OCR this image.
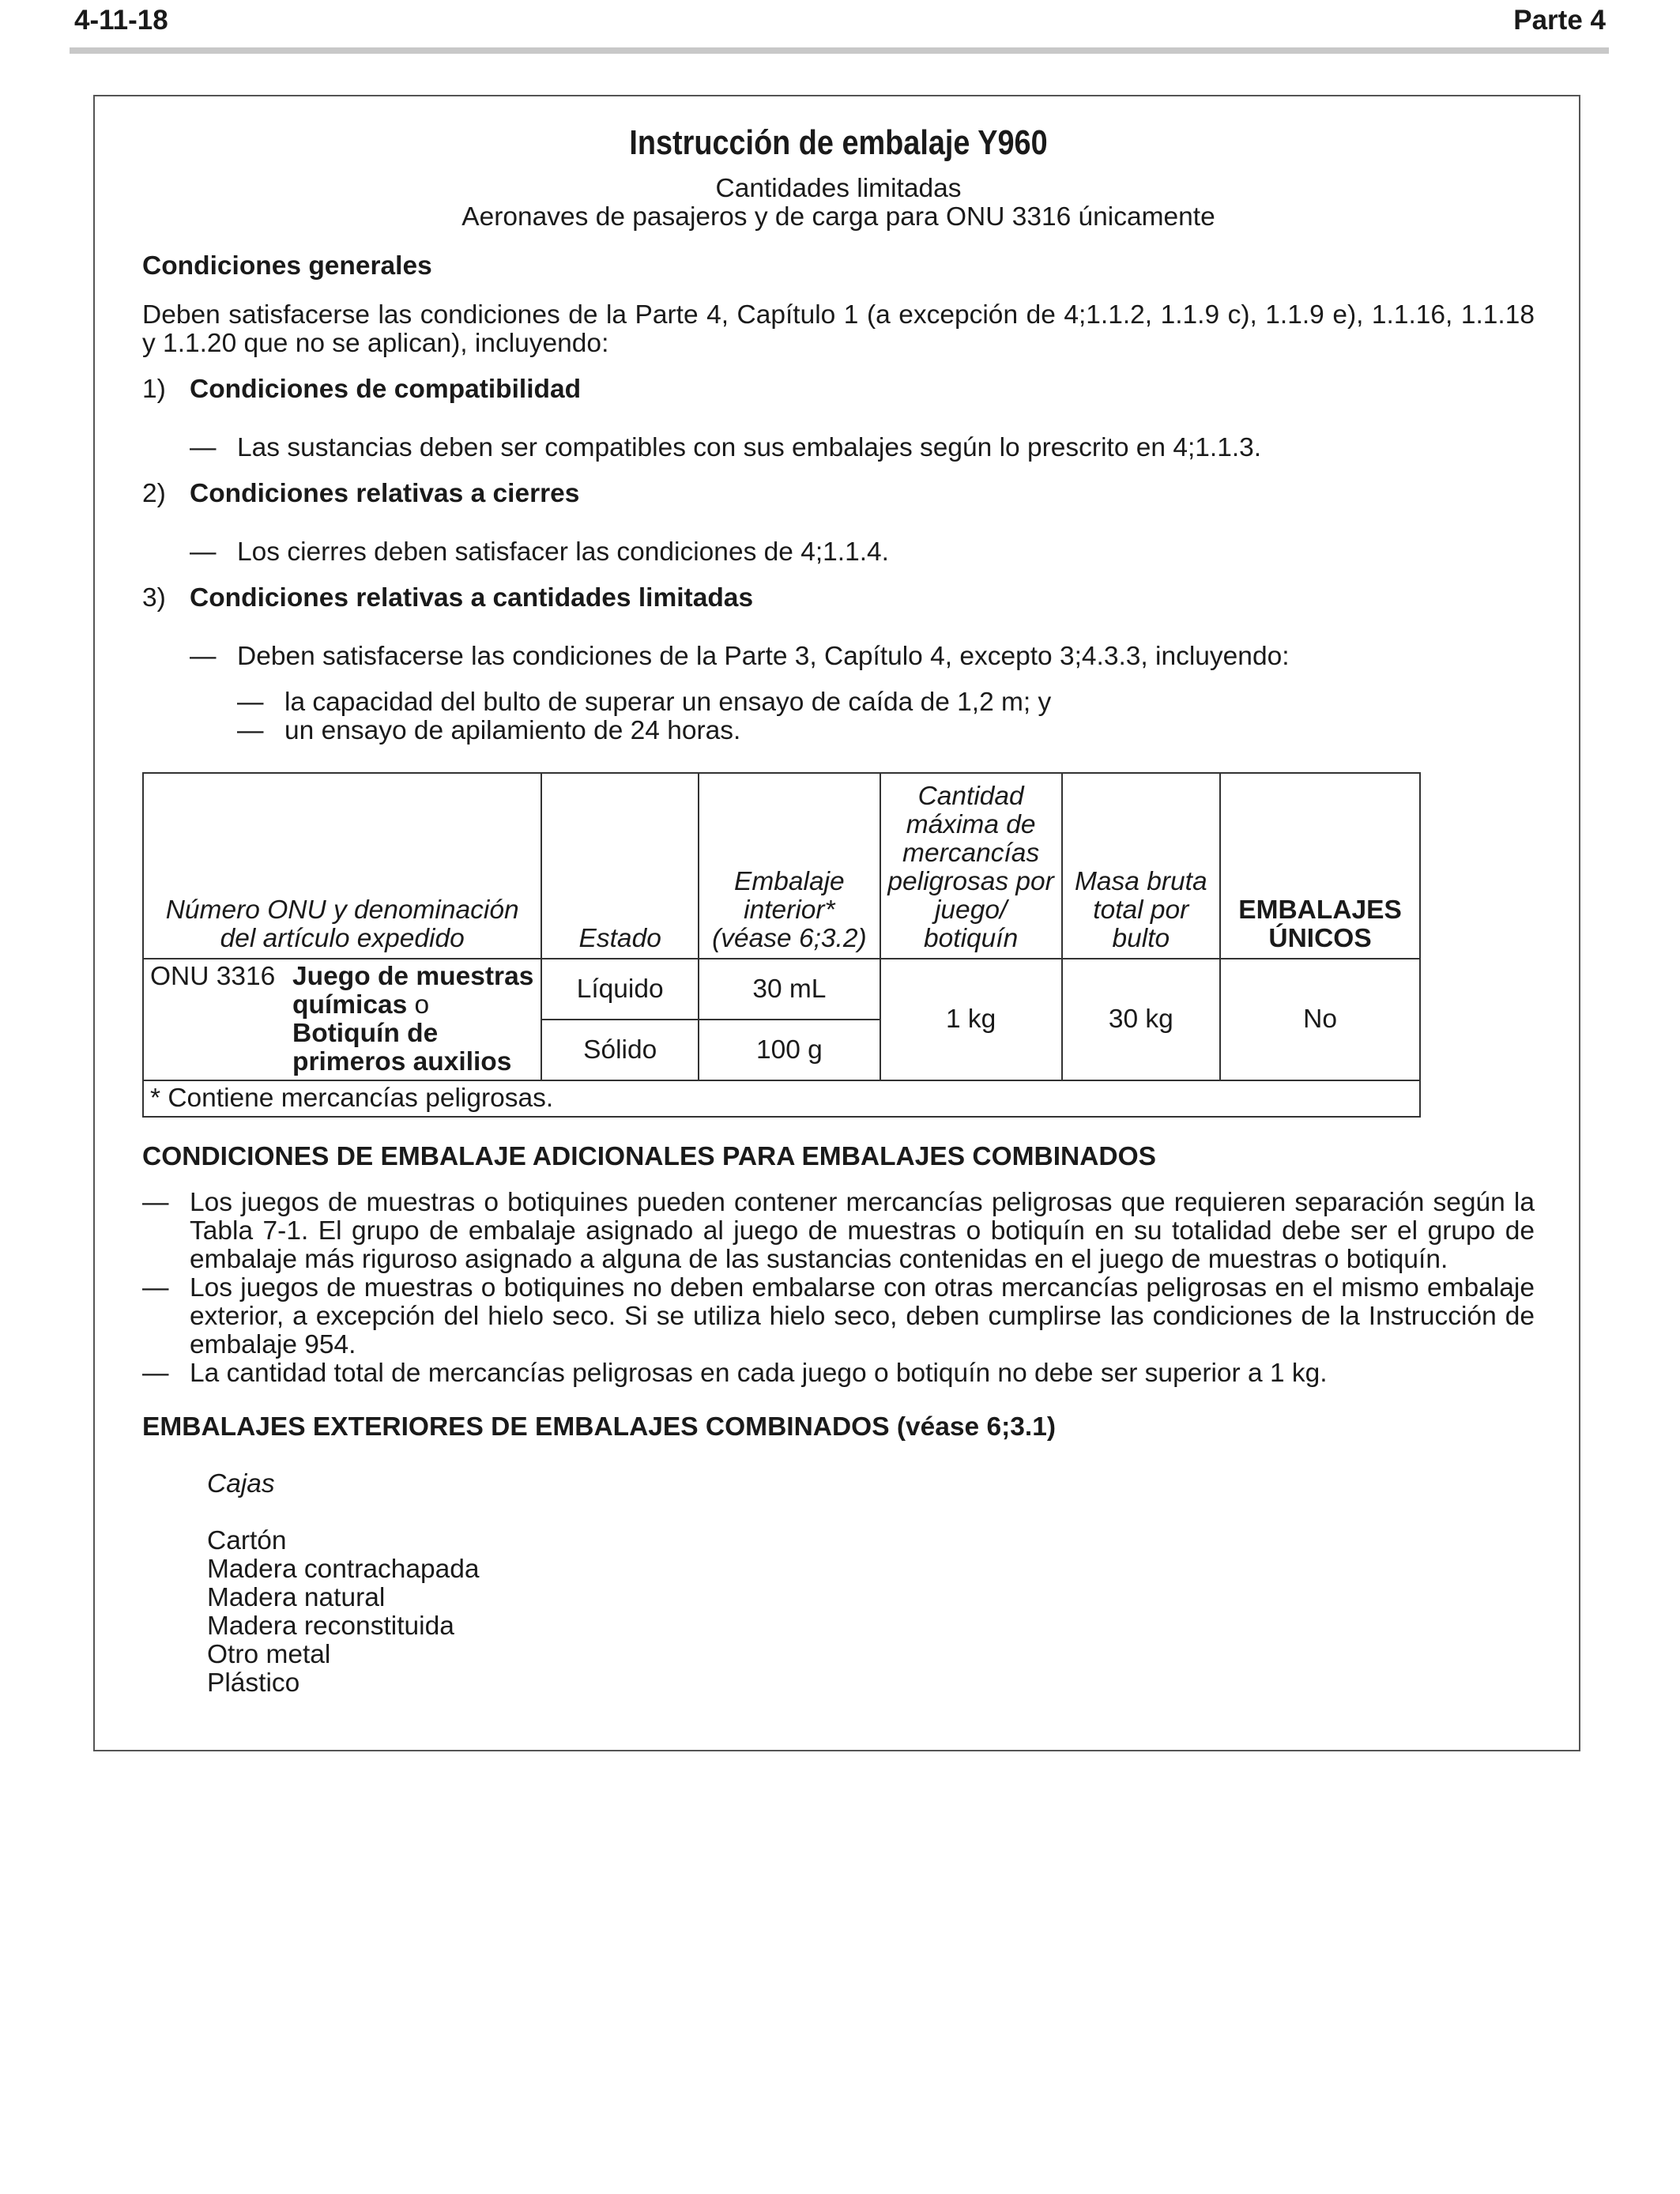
4-11-18	Parte 4
Instrucción de embalaje Y960

Cantidades limitadas

Aeronaves de pasajeros y de carga para ONU 3316 únicamente

Condiciones generales
Deben satisfacerse las condiciones de la Parte 4, Capítulo 1 (a excepción de 4;1.1.2, 1.1.9 c), 1.1.9 e), 1.1.16, 1.1.18 y 1.1.20 que no se aplican), incluyendo:
1) Condiciones de compatibilidad
— Las sustancias deben ser compatibles con sus embalajes según lo prescrito en 4;1.1.3.
2) Condiciones relativas a cierres
— Los cierres deben satisfacer las condiciones de 4;1.1.4.
3) Condiciones relativas a cantidades limitadas
— Deben satisfacerse las condiciones de la Parte 3, Capítulo 4, excepto 3;4.3.3, incluyendo:
— la capacidad del bulto de superar un ensayo de caída de 1,2 m; y
— un ensayo de apilamiento de 24 horas.
Número ONU y denominación del artículo expedido	Estado	Embalaje interior* (véase 6;3.2)	Cantidad máxima de mercancías peligrosas por juego/ botiquín	Masa bruta total por bulto	EMBALAJES ÚNICOS

ONU 3316 Juego de muestras químicas o
Botiquín de primeros auxilios	Líquido	30 mL	1 kg	30 kg	No
	Sólido	100 g			
* Contiene mercancías peligrosas.					
CONDICIONES DE EMBALAJE ADICIONALES PARA EMBALAJES COMBINADOS
— Los juegos de muestras o botiquines pueden contener mercancías peligrosas que requieren separación según la Tabla 7-1. El grupo de embalaje asignado al juego de muestras o botiquín en su totalidad debe ser el grupo de embalaje más riguroso asignado a alguna de las sustancias contenidas en el juego de muestras o botiquín.
— Los juegos de muestras o botiquines no deben embalarse con otras mercancías peligrosas en el mismo embalaje exterior, a excepción del hielo seco. Si se utiliza hielo seco, deben cumplirse las condiciones de la Instrucción de embalaje 954.
— La cantidad total de mercancías peligrosas en cada juego o botiquín no debe ser superior a 1 kg.
EMBALAJES EXTERIORES DE EMBALAJES COMBINADOS (véase 6;3.1)
Cajas
Cartón
Madera contrachapada
Madera natural
Madera reconstituida
Otro metal
Plástico
